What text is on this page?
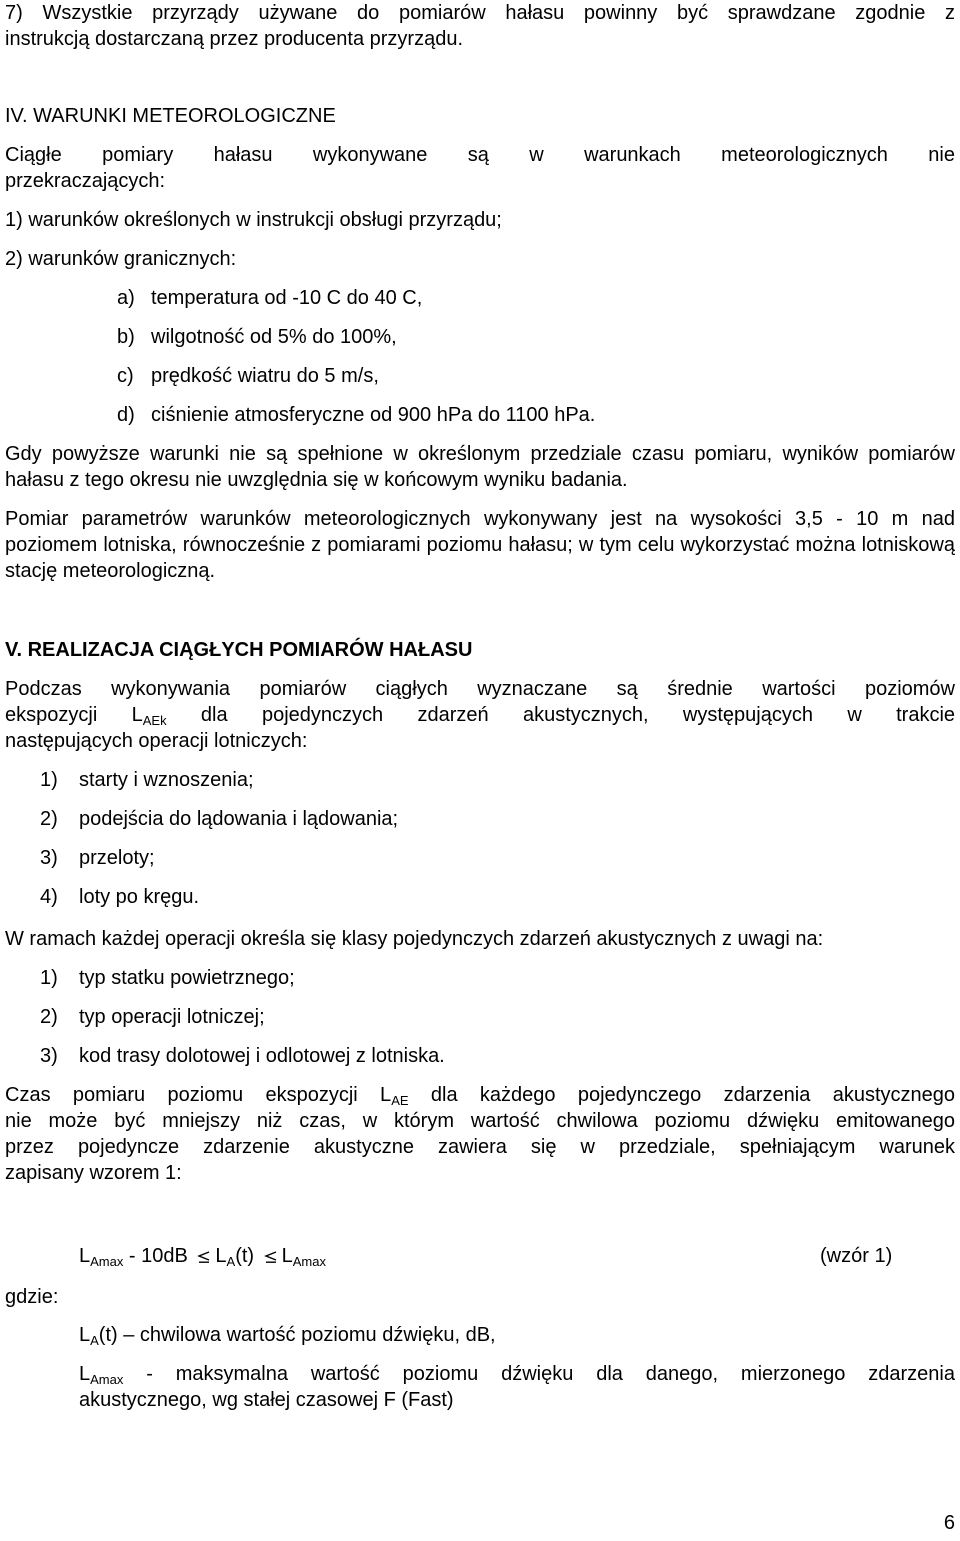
7) Wszystkie przyrządy używane do pomiarów hałasu powinny być sprawdzane zgodnie z
instrukcją dostarczaną przez producenta przyrządu.
IV. WARUNKI METEOROLOGICZNE
Ciągłe pomiary hałasu wykonywane są w warunkach meteorologicznych nie
przekraczających:
1) warunków określonych w instrukcji obsługi przyrządu;
2) warunków granicznych:
a) temperatura od -10 C do 40 C,
b) wilgotność od 5% do 100%,
c) prędkość wiatru do 5 m/s,
d) ciśnienie atmosferyczne od 900 hPa do 1100 hPa.
Gdy powyższe warunki nie są spełnione w określonym przedziale czasu pomiaru, wyników pomiarów hałasu z tego okresu nie uwzględnia się w końcowym wyniku badania.
Pomiar parametrów warunków meteorologicznych wykonywany jest na wysokości 3,5 - 10 m nad poziomem lotniska, równocześnie z pomiarami poziomu hałasu; w tym celu wykorzystać można lotniskową stację meteorologiczną.
V. REALIZACJA CIĄGŁYCH POMIARÓW HAŁASU
Podczas wykonywania pomiarów ciągłych wyznaczane są średnie wartości poziomów
ekspozycji $L_{AEk}$ dla pojedynczych zdarzeń akustycznych, występujących w trakcie
następujących operacji lotniczych:
1) starty i wznoszenia;
2) podejścia do lądowania i lądowania;
3) przeloty;
4) loty po kręgu.
W ramach każdej operacji określa się klasy pojedynczych zdarzeń akustycznych z uwagi na:
1) typ statku powietrznego;
2) typ operacji lotniczej;
3) kod trasy dolotowej i odlotowej z lotniska.
Czas pomiaru poziomu ekspozycji $L_{AE}$ dla każdego pojedynczego zdarzenia akustycznego
nie może być mniejszy niż czas, w którym wartość chwilowa poziomu dźwięku emitowanego
przez pojedyncze zdarzenie akustyczne zawiera się w przedziale, spełniającym warunek
zapisany wzorem 1:
$L_{Amax} - 10dB$
$L_A(t)$
$L_{Amax}$	(wzór 1)
gdzie:
$L_A(t)$ – chwilowa wartość poziomu dźwięku, dB,
$L_{Amax}$ - maksymalna wartość poziomu dźwięku dla danego, mierzonego zdarzenia
akustycznego, wg stałej czasowej F (Fast)
6
